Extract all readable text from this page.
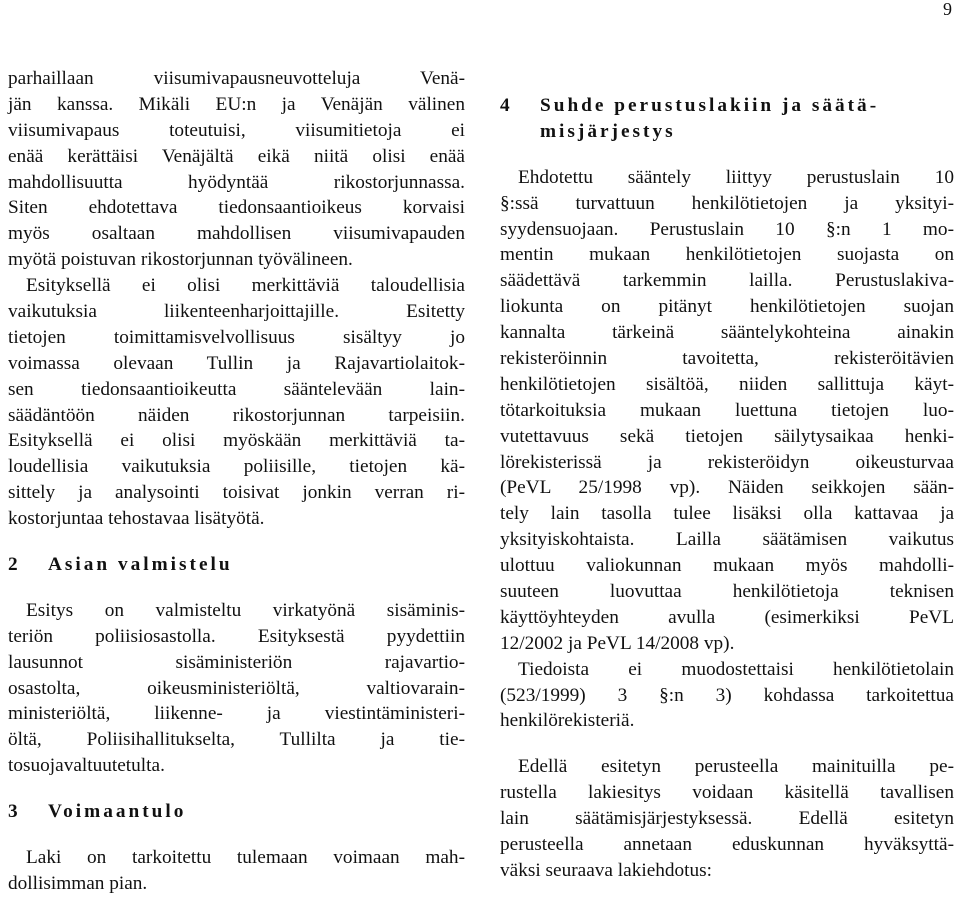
9
parhaillaan viisumivapausneuvotteluja Venä-
jän kanssa. Mikäli EU:n ja Venäjän välinen
viisumivapaus toteutuisi, viisumitietoja ei
enää kerättäisi Venäjältä eikä niitä olisi enää
mahdollisuutta hyödyntää rikostorjunnassa.
Siten ehdotettava tiedonsaantioikeus korvaisi
myös osaltaan mahdollisen viisumivapauden
myötä poistuvan rikostorjunnan työvälineen.
Esityksellä ei olisi merkittäviä taloudellisia
vaikutuksia liikenteenharjoittajille. Esitetty
tietojen toimittamisvelvollisuus sisältyy jo
voimassa olevaan Tullin ja Rajavartiolaitok-
sen tiedonsaantioikeutta sääntelevään lain-
säädäntöön näiden rikostorjunnan tarpeisiin.
Esityksellä ei olisi myöskään merkittäviä ta-
loudellisia vaikutuksia poliisille, tietojen kä-
sittely ja analysointi toisivat jonkin verran ri-
kostorjuntaa tehostavaa lisätyötä.
2 Asian valmistelu
Esitys on valmisteltu virkatyönä sisäminis-
teriön poliisiosastolla. Esityksestä pyydettiin
lausunnot sisäministeriön rajavartio-
osastolta, oikeusministeriöltä, valtiovarain-
ministeriöltä, liikenne- ja viestintäministeri-
öltä, Poliisihallitukselta, Tullilta ja tie-
tosuojavaltuutetulta.
3 Voimaantulo
Laki on tarkoitettu tulemaan voimaan mah-
dollisimman pian.
4 Suhde perustuslakiin ja säätä-
misjärjestys
Ehdotettu sääntely liittyy perustuslain 10
§:ssä turvattuun henkilötietojen ja yksityi-
syydensuojaan. Perustuslain 10 §:n 1 mo-
mentin mukaan henkilötietojen suojasta on
säädettävä tarkemmin lailla. Perustuslakiva-
liokunta on pitänyt henkilötietojen suojan
kannalta tärkeinä sääntelykohteina ainakin
rekisteröinnin tavoitetta, rekisteröitävien
henkilötietojen sisältöä, niiden sallittuja käyt-
tötarkoituksia mukaan luettuna tietojen luo-
vutettavuus sekä tietojen säilytysaikaa henki-
lörekisterissä ja rekisteröidyn oikeusturvaa
(PeVL 25/1998 vp). Näiden seikkojen sään-
tely lain tasolla tulee lisäksi olla kattavaa ja
yksityiskohtaista. Lailla säätämisen vaikutus
ulottuu valiokunnan mukaan myös mahdolli-
suuteen luovuttaa henkilötietoja teknisen
käyttöyhteyden avulla (esimerkiksi PeVL
12/2002 ja PeVL 14/2008 vp).
Tiedoista ei muodostettaisi henkilötietolain
(523/1999) 3 §:n 3) kohdassa tarkoitettua
henkilörekisteriä.
Edellä esitetyn perusteella mainituilla pe-
rustella lakiesitys voidaan käsitellä tavallisen
lain säätämisjärjestyksessä. Edellä esitetyn
perusteella annetaan eduskunnan hyväksyttä-
väksi seuraava lakiehdotus:
